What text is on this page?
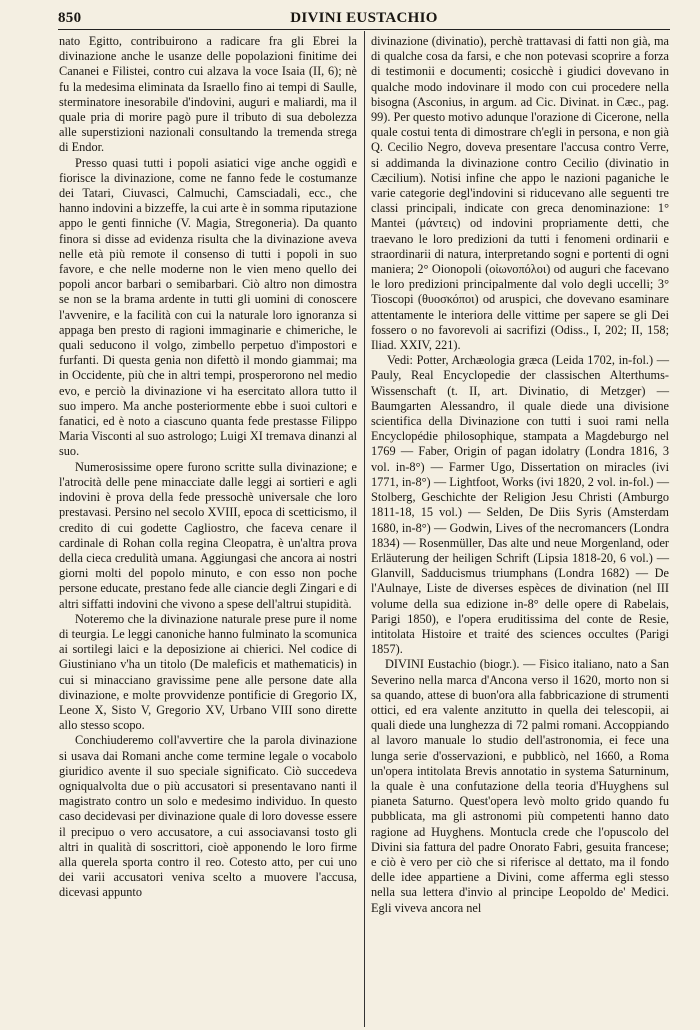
850	DIVINI EUSTACHIO

nato Egitto, contribuirono a radicare fra gli Ebrei la divinazione anche le usanze delle popolazioni finitime dei Cananei e Filistei, contro cui alzava la voce Isaia (II, 6); nè fu la medesima eliminata da Israello fino ai tempi di Saulle, sterminatore inesorabile d'indovini, auguri e maliardi, ma il quale pria di morire pagò pure il tributo di sua debolezza alle superstizioni nazionali consultando la tremenda strega di Endor.

Presso quasi tutti i popoli asiatici vige anche oggidì e fiorisce la divinazione, come ne fanno fede le costumanze dei Tatari, Ciuvasci, Calmuchi, Camsciadali, ecc., che hanno indovini a bizzeffe, la cui arte è in somma riputazione appo le genti finniche (V. Magia, Stregoneria). Da quanto finora si disse ad evidenza risulta che la divinazione aveva nelle età più remote il consenso di tutti i popoli in suo favore, e che nelle moderne non le vien meno quello dei popoli ancor barbari o semibarbari. Ciò altro non dimostra se non se la brama ardente in tutti gli uomini di conoscere l'avvenire, e la facilità con cui la naturale loro ignoranza si appaga ben presto di ragioni immaginarie e chimeriche, le quali seducono il volgo, zimbello perpetuo d'impostori e furfanti. Di questa genia non difettò il mondo giammai; ma in Occidente, più che in altri tempi, prosperorono nel medio evo, e perciò la divinazione vi ha esercitato allora tutto il suo impero. Ma anche posteriormente ebbe i suoi cultori e fanatici, ed è noto a ciascuno quanta fede prestasse Filippo Maria Visconti al suo astrologo; Luigi XI tremava dinanzi al suo.

Numerosissime opere furono scritte sulla divinazione; e l'atrocità delle pene minacciate dalle leggi ai sortieri e agli indovini è prova della fede pressochè universale che loro prestavasi. Persino nel secolo XVIII, epoca di scetticismo, il credito di cui godette Cagliostro, che faceva cenare il cardinale di Rohan colla regina Cleopatra, è un'altra prova della cieca credulità umana. Aggiungasi che ancora ai nostri giorni molti del popolo minuto, e con esso non poche persone educate, prestano fede alle ciancie degli Zingari e di altri siffatti indovini che vivono a spese dell'altrui stupidità.

Noteremo che la divinazione naturale prese pure il nome di teurgia. Le leggi canoniche hanno fulminato la scomunica ai sortilegi laici e la deposizione ai chierici. Nel codice di Giustiniano v'ha un titolo (De maleficis et mathematicis) in cui si minacciano gravissime pene alle persone date alla divinazione, e molte provvidenze pontificie di Gregorio IX, Leone X, Sisto V, Gregorio XV, Urbano VIII sono dirette allo stesso scopo.

Conchiuderemo coll'avvertire che la parola divinazione si usava dai Romani anche come termine legale o vocabolo giuridico avente il suo speciale significato. Ciò succedeva ogniqualvolta due o più accusatori si presentavano nanti il magistrato contro un solo e medesimo individuo. In questo caso decidevasi per divinazione quale di loro dovesse essere il precipuo o vero accusatore, a cui associavansi tosto gli altri in qualità di soscrittori, cioè apponendo le loro firme alla querela sporta contro il reo. Cotesto atto, per cui uno dei varii accusatori veniva scelto a muovere l'accusa, dicevasi appunto

divinazione (divinatio), perchè trattavasi di fatti non già, ma di qualche cosa da farsi, e che non potevasi scoprire a forza di testimonii e documenti; cosicchè i giudici dovevano in qualche modo indovinare il modo con cui procedere nella bisogna (Asconius, in argum. ad Cic. Divinat. in Cæc., pag. 99). Per questo motivo adunque l'orazione di Cicerone, nella quale costui tenta di dimostrare ch'egli in persona, e non già Q. Cecilio Negro, doveva presentare l'accusa contro Verre, si addimanda la divinazione contro Cecilio (divinatio in Cæcilium). Notisi infine che appo le nazioni paganiche le varie categorie degl'indovini si riducevano alle seguenti tre classi principali, indicate con greca denominazione: 1° Mantei (μάντεις) od indovini propriamente detti, che traevano le loro predizioni da tutti i fenomeni ordinarii e straordinarii di natura, interpretando sogni e portenti di ogni maniera; 2° Oionopoli (οἰωνοπόλοι) od auguri che facevano le loro predizioni principalmente dal volo degli uccelli; 3° Tioscopi (θυοσκόποι) od aruspici, che dovevano esaminare attentamente le interiora delle vittime per sapere se gli Dei fossero o no favorevoli ai sacrifizi (Odiss., I, 202; II, 158; Iliad. XXIV, 221).

Vedi: Potter, Archæologia græca (Leida 1702, in-fol.) — Pauly, Real Encyclopedie der classischen Alterthums-Wissenschaft (t. II, art. Divinatio, di Metzger) — Baumgarten Alessandro, il quale diede una divisione scientifica della Divinazione con tutti i suoi rami nella Encyclopédie philosophique, stampata a Magdeburgo nel 1769 — Faber, Origin of pagan idolatry (Londra 1816, 3 vol. in-8°) — Farmer Ugo, Dissertation on miracles (ivi 1771, in-8°) — Lightfoot, Works (ivi 1820, 2 vol. in-fol.) — Stolberg, Geschichte der Religion Jesu Christi (Amburgo 1811-18, 15 vol.) — Selden, De Diis Syris (Amsterdam 1680, in-8°) — Godwin, Lives of the necromancers (Londra 1834) — Rosenmüller, Das alte und neue Morgenland, oder Erläuterung der heiligen Schrift (Lipsia 1818-20, 6 vol.) — Glanvill, Sadducismus triumphans (Londra 1682) — De l'Aulnaye, Liste de diverses espèces de divination (nel III volume della sua edizione in-8° delle opere di Rabelais, Parigi 1850), e l'opera eruditissima del conte de Resie, intitolata Histoire et traité des sciences occultes (Parigi 1857).

DIVINI Eustachio (biogr.). — Fisico italiano, nato a San Severino nella marca d'Ancona verso il 1620, morto non si sa quando, attese di buon'ora alla fabbricazione di strumenti ottici, ed era valente anzitutto in quella dei telescopii, ai quali diede una lunghezza di 72 palmi romani. Accoppiando al lavoro manuale lo studio dell'astronomia, ei fece una lunga serie d'osservazioni, e pubblicò, nel 1660, a Roma un'opera intitolata Brevis annotatio in systema Saturninum, la quale è una confutazione della teoria d'Huyghens sul pianeta Saturno. Quest'opera levò molto grido quando fu pubblicata, ma gli astronomi più competenti hanno dato ragione ad Huyghens. Montucla crede che l'opuscolo del Divini sia fattura del padre Onorato Fabri, gesuita francese; e ciò è vero per ciò che si riferisce al dettato, ma il fondo delle idee appartiene a Divini, come afferma egli stesso nella sua lettera d'invio al principe Leopoldo de' Medici. Egli viveva ancora nel
